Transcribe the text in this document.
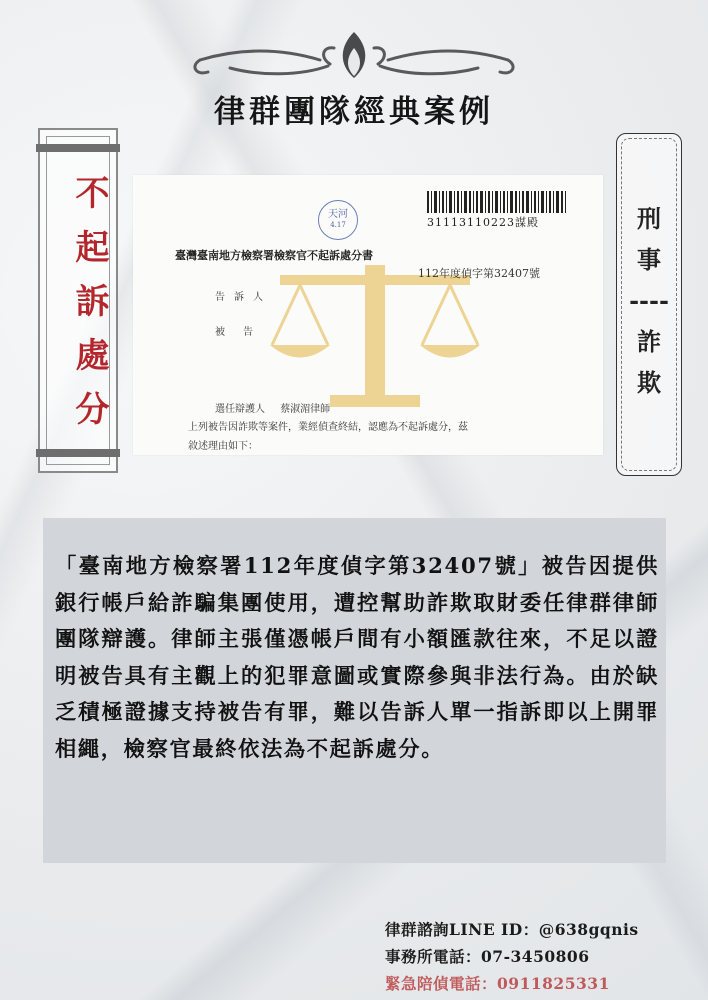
律群團隊經典案例
不起訴處分	31113110223謀殿
天河
4.17
臺灣臺南地方檢察署檢察官不起訴處分書
112年度偵字第32407號
告訴人
被告
選任辯護人 蔡淑湄律師
上列被告因詐欺等案件，業經偵查終結，認應為不起訴處分，茲
敘述理由如下：
刑
事
----
詐
欺

「臺南地方檢察署112年度偵字第32407號」被告因提供銀行帳戶給詐騙集團使用，遭控幫助詐欺取財委任律群律師團隊辯護。律師主張僅憑帳戶間有小額匯款往來，不足以證明被告具有主觀上的犯罪意圖或實際參與非法行為。由於缺乏積極證據支持被告有罪，難以告訴人單一指訴即以上開罪相繩，檢察官最終依法為不起訴處分。

律群諮詢LINE ID：@638gqnis
事務所電話：07-3450806
緊急陪偵電話：0911825331
